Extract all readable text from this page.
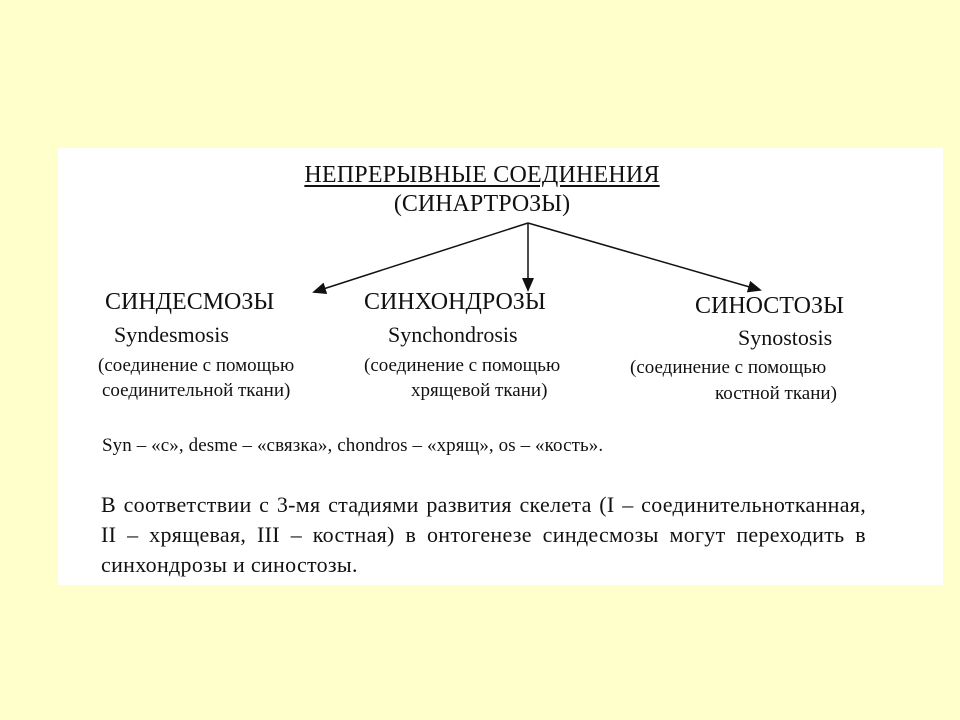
НЕПРЕРЫВНЫЕ СОЕДИНЕНИЯ
(СИНАРТРОЗЫ)
СИНДЕСМОЗЫ
Syndesmosis
(соединение с помощью
соединительной ткани)
СИНХОНДРОЗЫ
Synchondrosis
(соединение с помощью
хрящевой ткани)
СИНОСТОЗЫ
Synostosis
(соединение с помощью
костной ткани)
Syn – «с», desme – «связка», chondros – «хрящ», os – «кость».
В соответствии с 3-мя стадиями развития скелета (I – соединительнотканная, II – хрящевая, III – костная) в онтогенезе синдесмозы могут переходить в синхондрозы и синостозы.
